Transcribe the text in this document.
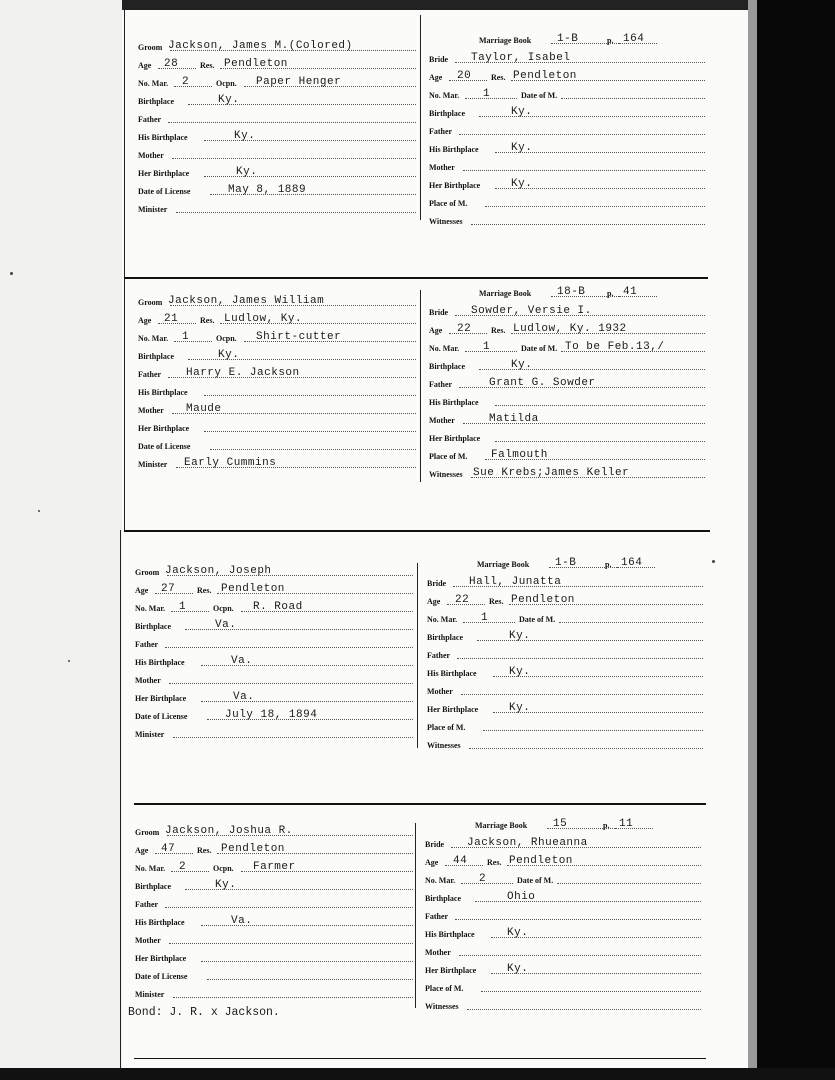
Groom Jackson, James M.(Colored)
Age 28	Res. Pendleton
No. Mar. 2	Ocpn. Paper Henger
Birthplace	Ky.
Father
His Birthplace	Ky.
Mother
Her Birthplace	Ky.
Date of License	May 8, 1889
Minister
Marriage Book 1-B	p. 164
Bride Taylor, Isabel
Age 20 Res. Pendleton
No. Mar. 1	Date of M.
Birthplace	Ky.
Father
His Birthplace	Ky.
Mother
Her Birthplace	Ky.
Place of M.
Witnesses
Groom Jackson, James William
Age 21	Res. Ludlow, Ky.
No. Mar. 1	Ocpn. Shirt-cutter
Birthplace	Ky.
Father Harry E. Jackson
His Birthplace
Mother Maude
Her Birthplace
Date of License
Minister Early Cummins
Marriage Book 18-B	p. 41
Bride Sowder, Versie I.
Age 22 Res. Ludlow, Ky. 1932
No. Mar. 1	Date of M. To be Feb.13,/
Birthplace	Ky.
Father	Grant G. Sowder
His Birthplace
Mother	Matilda
Her Birthplace
Place of M. Falmouth
Witnesses Sue Krebs;James Keller
Groom Jackson, Joseph
Age 27	Res. Pendleton
No. Mar. 1	Ocpn. R. Road
Birthplace	Va.
Father
His Birthplace	Va.
Mother
Her Birthplace	Va.
Date of License	July 18, 1894
Minister
Marriage Book 1-B	p. 164
Bride Hall, Junatta
Age 22 Res. Pendleton
No. Mar. 1	Date of M.
Birthplace	Ky.
Father
His Birthplace	Ky.
Mother
Her Birthplace	Ky.
Place of M.
Witnesses
Groom Jackson, Joshua R.
Age 47	Res. Pendleton
No. Mar. 2	Ocpn. Farmer
Birthplace	Ky.
Father
His Birthplace	Va.
Mother
Her Birthplace
Date of License
Minister
Marriage Book 15	p. 11
Bride Jackson, Rhueanna
Age 44 Res. Pendleton
No. Mar. 2	Date of M.
Birthplace	Ohio
Father
His Birthplace	Ky.
Mother
Her Birthplace	Ky.
Place of M.
Witnesses
Bond: J. R. x Jackson.
